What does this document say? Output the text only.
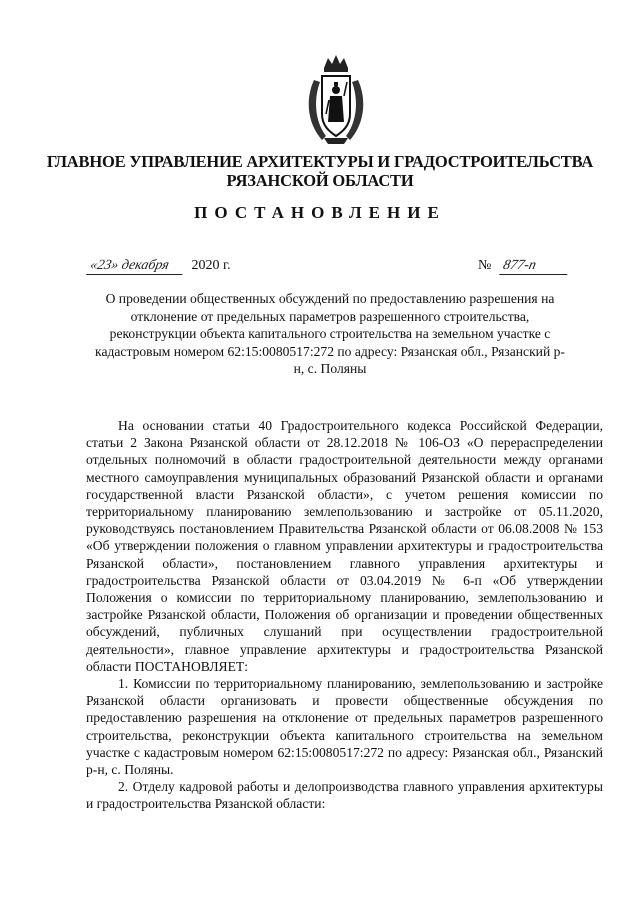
ГЛАВНОЕ УПРАВЛЕНИЕ АРХИТЕКТУРЫ И ГРАДОСТРОИТЕЛЬСТВА
РЯЗАНСКОЙ ОБЛАСТИ
ПОСТАНОВЛЕНИЕ
«23» декабря 2020 г.	№ 877-п
О проведении общественных обсуждений по предоставлению разрешения на отклонение от предельных параметров разрешенного строительства, реконструкции объекта капитального строительства на земельном участке с кадастровым номером 62:15:0080517:272 по адресу: Рязанская обл., Рязанский р-н, с. Поляны

На основании статьи 40 Градостроительного кодекса Российской Федерации, статьи 2 Закона Рязанской области от 28.12.2018 № 106-ОЗ «О перераспределении отдельных полномочий в области градостроительной деятельности между органами местного самоуправления муниципальных образований Рязанской области и органами государственной власти Рязанской области», с учетом решения комиссии по территориальному планированию землепользованию и застройке от 05.11.2020, руководствуясь постановлением Правительства Рязанской области от 06.08.2008 № 153 «Об утверждении положения о главном управлении архитектуры и градостроительства Рязанской области», постановлением главного управления архитектуры и градостроительства Рязанской области от 03.04.2019 № 6-п «Об утверждении Положения о комиссии по территориальному планированию, землепользованию и застройке Рязанской области, Положения об организации и проведении общественных обсуждений, публичных слушаний при осуществлении градостроительной деятельности», главное управление архитектуры и градостроительства Рязанской области ПОСТАНОВЛЯЕТ:

1. Комиссии по территориальному планированию, землепользованию и застройке Рязанской области организовать и провести общественные обсуждения по предоставлению разрешения на отклонение от предельных параметров разрешенного строительства, реконструкции объекта капитального строительства на земельном участке с кадастровым номером 62:15:0080517:272 по адресу: Рязанская обл., Рязанский р-н, с. Поляны.

2. Отделу кадровой работы и делопроизводства главного управления архитектуры и градостроительства Рязанской области:
